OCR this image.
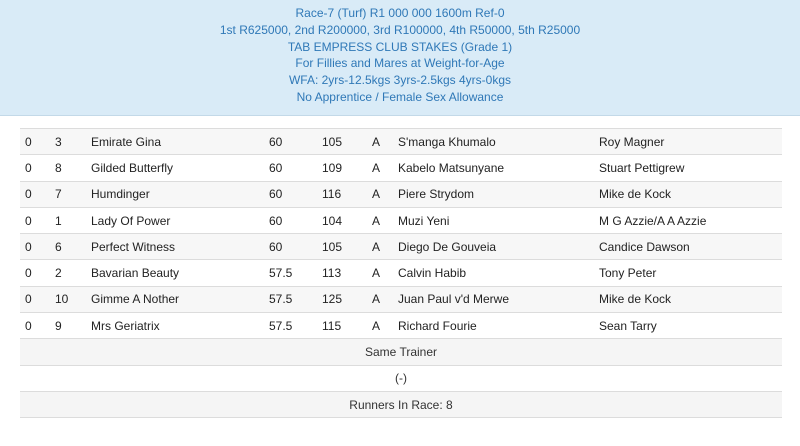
Race-7 (Turf) R1 000 000 1600m Ref-0
1st R625000, 2nd R200000, 3rd R100000, 4th R50000, 5th R25000
TAB EMPRESS CLUB STAKES (Grade 1)
For Fillies and Mares at Weight-for-Age
WFA: 2yrs-12.5kgs 3yrs-2.5kgs 4yrs-0kgs
No Apprentice / Female Sex Allowance
0	3	Emirate Gina	60	105	A	S'manga Khumalo	Roy Magner
0	8	Gilded Butterfly	60	109	A	Kabelo Matsunyane	Stuart Pettigrew
0	7	Humdinger	60	116	A	Piere Strydom	Mike de Kock
0	1	Lady Of Power	60	104	A	Muzi Yeni	M G Azzie/A A Azzie
0	6	Perfect Witness	60	105	A	Diego De Gouveia	Candice Dawson
0	2	Bavarian Beauty	57.5	113	A	Calvin Habib	Tony Peter
0	10	Gimme A Nother	57.5	125	A	Juan Paul v'd Merwe	Mike de Kock
0	9	Mrs Geriatrix	57.5	115	A	Richard Fourie	Sean Tarry
Same Trainer							
(-)							
Runners In Race: 8							
